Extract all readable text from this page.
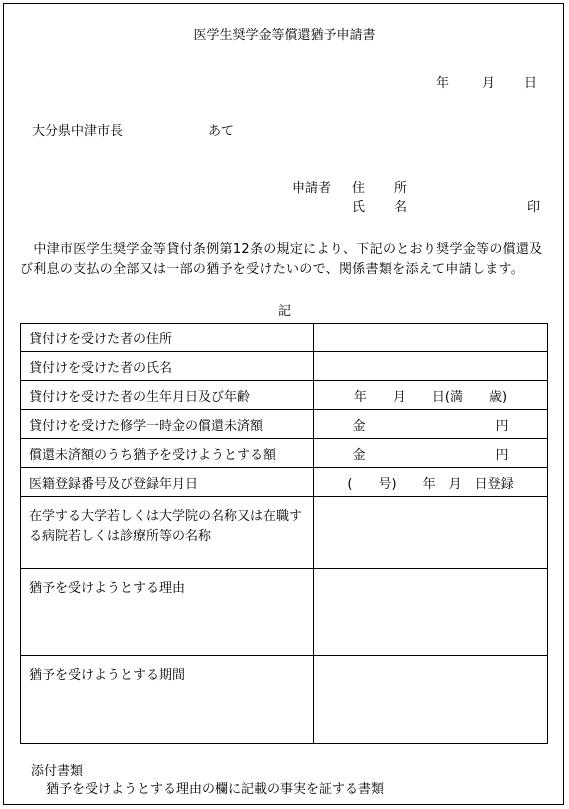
医学生奨学金等償還猶予申請書
年	月 日
大分県中津市長	あて
申請者 住 所
氏 名	印
　中津市医学生奨学金等貸付条例第12条の規定により、下記のとおり奨学金等の償還及び利息の支払の全部又は一部の猶予を受けたいので、関係書類を添えて申請します。
記
貸付けを受けた者の住所	
貸付けを受けた者の氏名	
貸付けを受けた者の生年月日及び年齢	年　　月　　日(満　　歳)
貸付けを受けた修学一時金の償還未済額	金　　　　　　　　　　円
償還未済額のうち猶予を受けようとする額	金　　　　　　　　　　円
医籍登録番号及び登録年月日	(　　号)　　年　月　日登録
在学する大学若しくは大学院の名称又は在職する病院若しくは診療所等の名称	
猶予を受けようとする理由	
猶予を受けようとする期間	
添付書類
猶予を受けようとする理由の欄に記載の事実を証する書類
